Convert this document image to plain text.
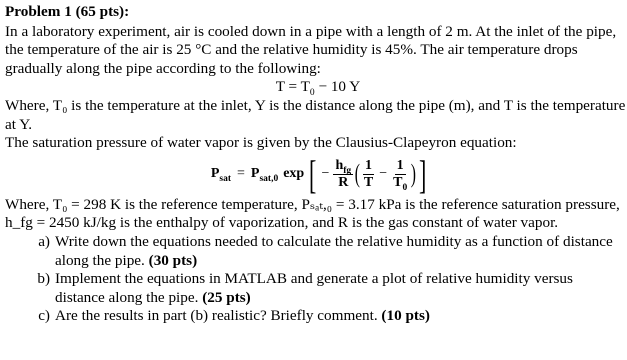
Problem 1 (65 pts):

In a laboratory experiment, air is cooled down in a pipe with a length of 2 m. At the inlet of the pipe, the temperature of the air is 25 °C and the relative humidity is 45%. The air temperature drops gradually along the pipe according to the following:

$T = T_0 - 10$ Y

Where, T₀ is the temperature at the inlet, Y is the distance along the pipe (m), and T is the temperature at Y.

The saturation pressure of water vapor is given by the Clausius-Clapeyron equation:

$P_{sat} = P_{sat,0}$ exp [ − $\frac{h_{fg}}{R}$ ( $\frac{1}{T} - \frac{1}{T_0}$ ) ]

Where, T₀ = 298 K is the reference temperature, Pₛₐₜ,₀ = 3.17 kPa is the reference saturation pressure, h_fg = 2450 kJ/kg is the enthalpy of vaporization, and R is the gas constant of water vapor.

a) Write down the equations needed to calculate the relative humidity as a function of distance along the pipe. (30 pts)
b) Implement the equations in MATLAB and generate a plot of relative humidity versus distance along the pipe. (25 pts)
c) Are the results in part (b) realistic? Briefly comment. (10 pts)
